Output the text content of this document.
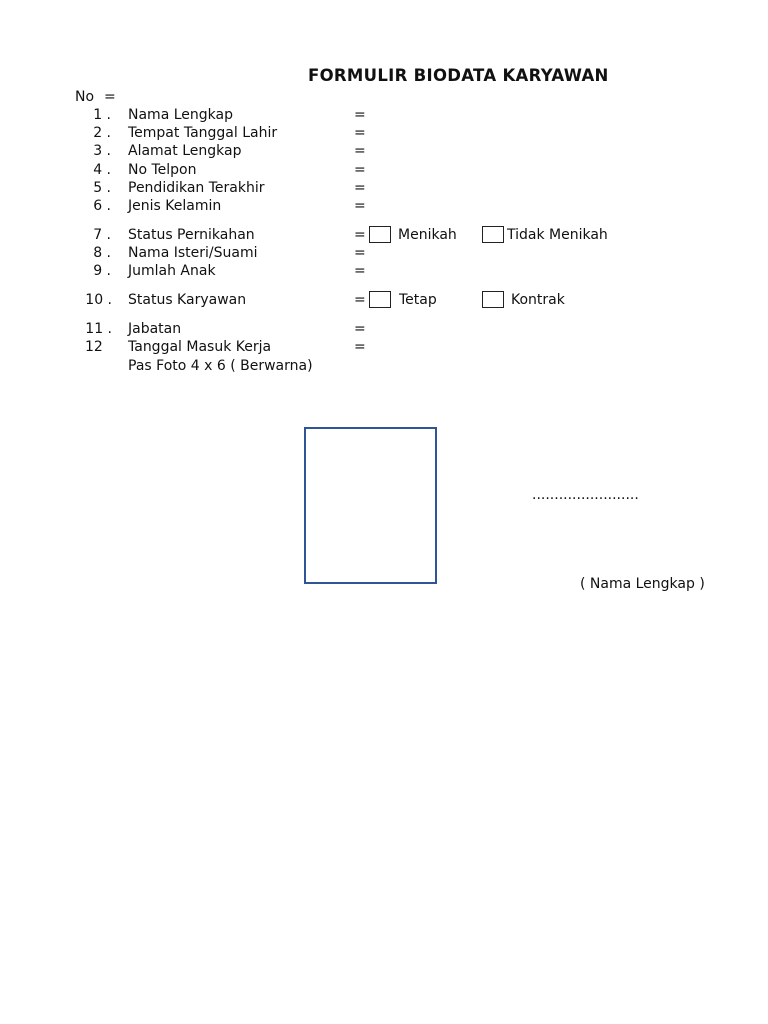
FORMULIR BIODATA KARYAWAN
No =
1 . Nama Lengkap	=
2 . Tempat Tanggal Lahir	=
3 . Alamat Lengkap	=
4 . No Telpon	=
5 . Pendidikan Terakhir	=
6 . Jenis Kelamin	=
7 . Status Pernikahan	= Menikah	Tidak Menikah
8 . Nama Isteri/Suami	=
9 . Jumlah Anak	=
10 . Status Karyawan	= Tetap	Kontrak
11 . Jabatan	=
12 Tanggal Masuk Kerja	=
Pas Foto 4 x 6 ( Berwarna)
........................
( Nama Lengkap )
